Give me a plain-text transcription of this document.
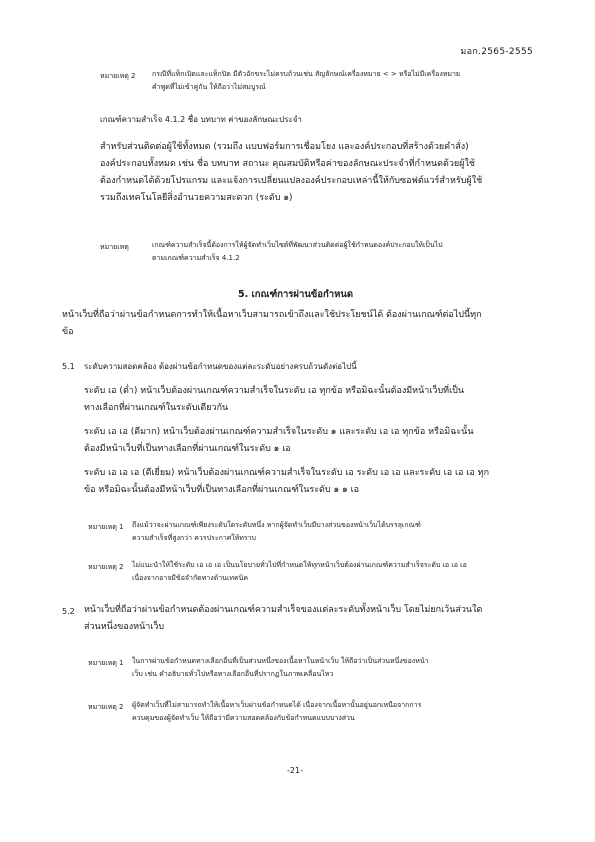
มอก.2565-2555
หมายเหตุ 2 กรณีที่แท็กเปิดและแท็กปิด มีตัวอักขระไม่ครบถ้วนเช่น สัญลักษณ์เครื่องหมาย < > หรือไม่มีเครื่องหมาย
คำพูดที่ไม่เข้าคู่กัน ให้ถือว่าไม่สมบูรณ์
เกณฑ์ความสำเร็จ 4.1.2 ชื่อ บทบาท ค่าของลักษณะประจำ
สำหรับส่วนติดต่อผู้ใช้ทั้งหมด (รวมถึง แบบฟอร์มการเชื่อมโยง และองค์ประกอบที่สร้างด้วยคำสั่ง)
องค์ประกอบทั้งหมด เช่น ชื่อ บทบาท สถานะ คุณสมบัติหรือค่าของลักษณะประจำที่กำหนดด้วยผู้ใช้
ต้องกำหนดได้ด้วยโปรแกรม และแจ้งการเปลี่ยนแปลงองค์ประกอบเหล่านี้ให้กับซอฟต์แวร์สำหรับผู้ใช้
รวมถึงเทคโนโลยีสิ่งอำนวยความสะดวก (ระดับ ๑)
หมายเหตุ	เกณฑ์ความสำเร็จนี้ต้องการให้ผู้จัดทำเว็บไซต์ที่พัฒนาส่วนติดต่อผู้ใช้กำหนดองค์ประกอบให้เป็นไป
ตามเกณฑ์ความสำเร็จ 4.1.2
5. เกณฑ์การผ่านข้อกำหนด
หน้าเว็บที่ถือว่าผ่านข้อกำหนดการทำให้เนื้อหาเว็บสามารถเข้าถึงและใช้ประโยชน์ได้ ต้องผ่านเกณฑ์ต่อไปนี้ทุก
ข้อ
5.1 ระดับความสอดคล้อง ต้องผ่านข้อกำหนดของแต่ละระดับอย่างครบถ้วนดังต่อไปนี้
ระดับ เอ (ต่ำ) หน้าเว็บต้องผ่านเกณฑ์ความสำเร็จในระดับ เอ ทุกข้อ หรือมิฉะนั้นต้องมีหน้าเว็บที่เป็น
ทางเลือกที่ผ่านเกณฑ์ในระดับเดียวกัน
ระดับ เอ เอ (ดีมาก) หน้าเว็บต้องผ่านเกณฑ์ความสำเร็จในระดับ ๑ และระดับ เอ เอ ทุกข้อ หรือมิฉะนั้น
ต้องมีหน้าเว็บที่เป็นทางเลือกที่ผ่านเกณฑ์ในระดับ ๑ เอ
ระดับ เอ เอ เอ (ดีเยี่ยม) หน้าเว็บต้องผ่านเกณฑ์ความสำเร็จในระดับ เอ ระดับ เอ เอ และระดับ เอ เอ เอ ทุก
ข้อ หรือมิฉะนั้นต้องมีหน้าเว็บที่เป็นทางเลือกที่ผ่านเกณฑ์ในระดับ ๑ ๑ เอ
หมายเหตุ 1 ถึงแม้ว่าจะผ่านเกณฑ์เพียงระดับใดระดับหนึ่ง หากผู้จัดทำเว็บมีบางส่วนของหน้าเว็บได้บรรลุเกณฑ์
ความสำเร็จที่สูงกว่า ควรประกาศให้ทราบ
หมายเหตุ 2 ไม่แนะนำให้ใช้ระดับ เอ เอ เอ เป็นนโยบายทั่วไปที่กำหนดให้ทุกหน้าเว็บต้องผ่านเกณฑ์ความสำเร็จระดับ เอ เอ เอ
เนื่องจากอาจมีข้อจำกัดทางด้านเทคนิค
5.2 หน้าเว็บที่ถือว่าผ่านข้อกำหนดต้องผ่านเกณฑ์ความสำเร็จของแต่ละระดับทั้งหน้าเว็บ โดยไม่ยกเว้นส่วนใด
ส่วนหนึ่งของหน้าเว็บ
หมายเหตุ 1 ในการผ่านข้อกำหนดทางเลือกอื่นที่เป็นส่วนหนึ่งของเนื้อหาในหน้าเว็บ ให้ถือว่าเป็นส่วนหนึ่งของหน้า
เว็บ เช่น คำอธิบายทั่วไปหรือทางเลือกอื่นที่ปรากฏในภาพเคลื่อนไหว
หมายเหตุ 2 ผู้จัดทำเว็บที่ไม่สามารถทำให้เนื้อหาเว็บผ่านข้อกำหนดได้ เนื่องจากเนื้อหานั้นอยู่นอกเหนือจากการ
ควบคุมของผู้จัดทำเว็บ ให้ถือว่ามีความสอดคล้องกับข้อกำหนดแบบบางส่วน
-21-
